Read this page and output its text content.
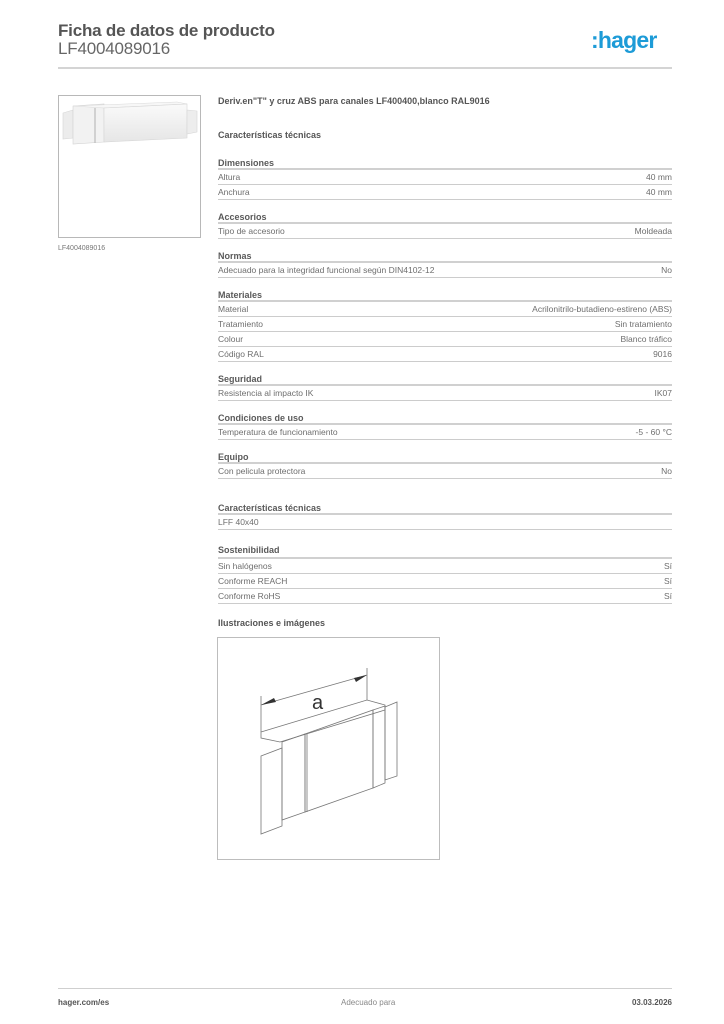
Ficha de datos de producto
LF4004089016	:hager
LF4004089016
Deriv.en"T" y cruz ABS para canales LF400400,blanco RAL9016
Características técnicas
Dimensiones
Altura	40 mm
Anchura	40 mm
Accesorios
Tipo de accesorio	Moldeada
Normas
Adecuado para la integridad funcional según DIN4102-12	No
Materiales
Material	Acrilonitrilo-butadieno-estireno (ABS)
Tratamiento	Sin tratamiento
Colour	Blanco tráfico
Código RAL	9016
Seguridad
Resistencia al impacto IK	IK07
Condiciones de uso
Temperatura de funcionamiento	-5 - 60 °C
Equipo
Con pelicula protectora	No
Características técnicas
LFF 40x40
Sostenibilidad
Sin halógenos	Sí
Conforme REACH	Sí
Conforme RoHS	Sí
Ilustraciones e imágenes
a
hager.com/es	Adecuado para	03.03.2026
